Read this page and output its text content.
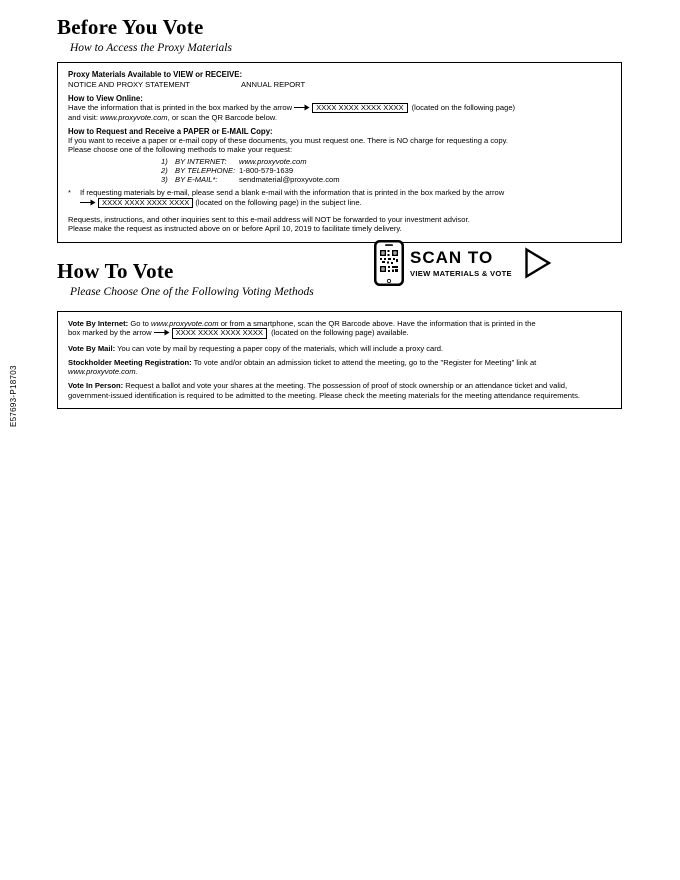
E57693-P18703
Before You Vote
How to Access the Proxy Materials
Proxy Materials Available to VIEW or RECEIVE:
NOTICE AND PROXY STATEMENT	ANNUAL REPORT
How to View Online:
Have the information that is printed in the box marked by the arrow	XXXX XXXX XXXX XXXX (located on the following page)
and visit: www.proxyvote.com, or scan the QR Barcode below.
How to Request and Receive a PAPER or E-MAIL Copy:
If you want to receive a paper or e-mail copy of these documents, you must request one. There is NO charge for requesting a copy.
Please choose one of the following methods to make your request:
1) BY INTERNET:	www.proxyvote.com
2) BY TELEPHONE: 1-800-579-1639
3) BY E-MAIL*:	sendmaterial@proxyvote.com
*	If requesting materials by e-mail, please send a blank e-mail with the information that is printed in the box marked by the arrow
XXXX XXXX XXXX XXXX (located on the following page) in the subject line.
Requests, instructions, and other inquiries sent to this e-mail address will NOT be forwarded to your investment advisor.
Please make the request as instructed above on or before April 10, 2019 to facilitate timely delivery.
How To Vote
Please Choose One of the Following Voting Methods
SCAN TO
VIEW MATERIALS & VOTE
Vote By Internet: Go to www.proxyvote.com or from a smartphone, scan the QR Barcode above. Have the information that is printed in the
box marked by the arrow	XXXX XXXX XXXX XXXX (located on the following page) available.
Vote By Mail: You can vote by mail by requesting a paper copy of the materials, which will include a proxy card.
Stockholder Meeting Registration: To vote and/or obtain an admission ticket to attend the meeting, go to the "Register for Meeting" link at
www.proxyvote.com.
Vote In Person: Request a ballot and vote your shares at the meeting. The possession of proof of stock ownership or an attendance ticket and valid, government-issued identification is required to be admitted to the meeting. Please check the meeting materials for the meeting attendance requirements.
